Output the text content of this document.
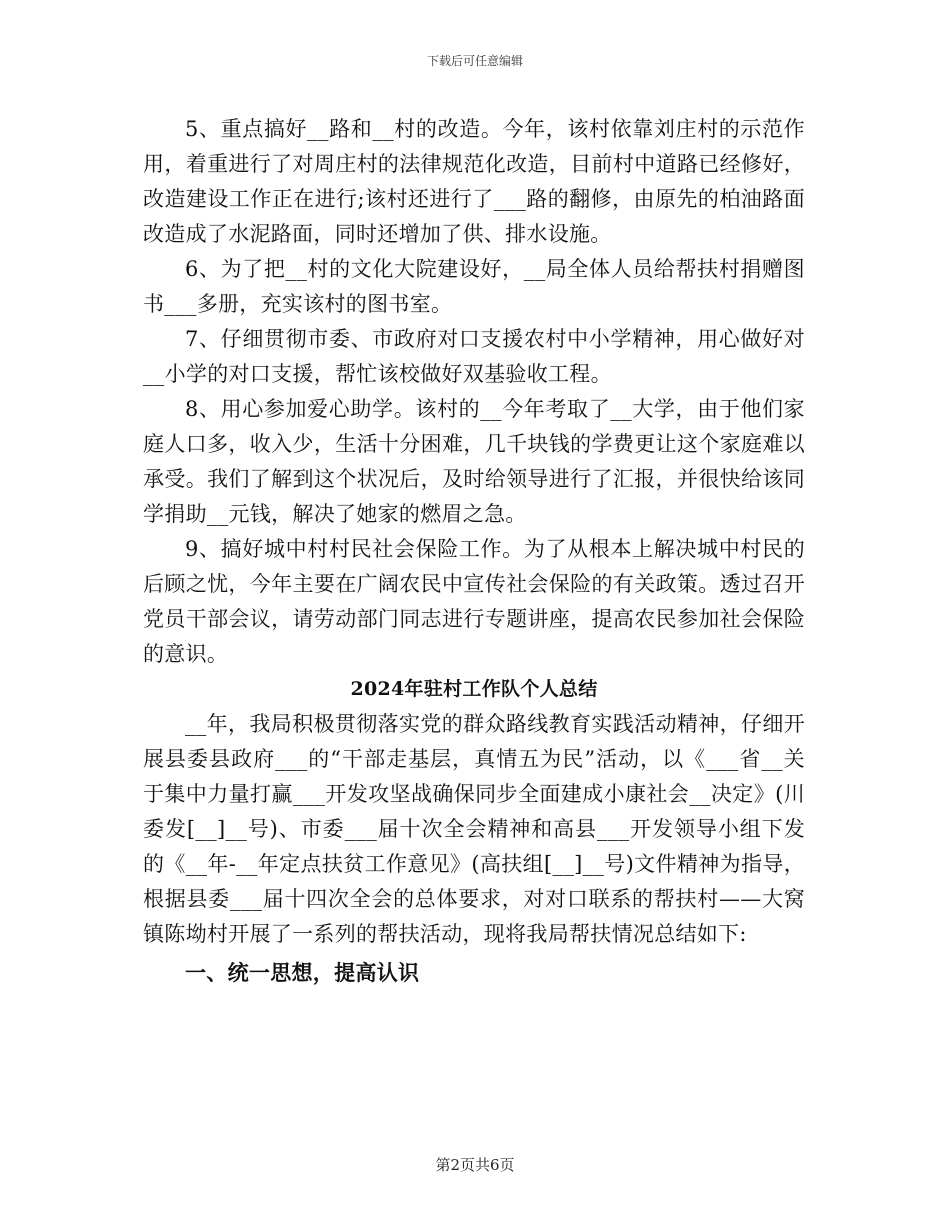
下载后可任意编辑

5、重点搞好__路和__村的改造。今年，该村依靠刘庄村的示范作用，着重进行了对周庄村的法律规范化改造，目前村中道路已经修好，改造建设工作正在进行;该村还进行了___路的翻修，由原先的柏油路面改造成了水泥路面，同时还增加了供、排水设施。

6、为了把__村的文化大院建设好，__局全体人员给帮扶村捐赠图书___多册，充实该村的图书室。

7、仔细贯彻市委、市政府对口支援农村中小学精神，用心做好对__小学的对口支援，帮忙该校做好双基验收工程。

8、用心参加爱心助学。该村的__今年考取了__大学，由于他们家庭人口多，收入少，生活十分困难，几千块钱的学费更让这个家庭难以承受。我们了解到这个状况后，及时给领导进行了汇报，并很快给该同学捐助__元钱，解决了她家的燃眉之急。

9、搞好城中村村民社会保险工作。为了从根本上解决城中村民的后顾之忧，今年主要在广阔农民中宣传社会保险的有关政策。透过召开党员干部会议，请劳动部门同志进行专题讲座，提高农民参加社会保险的意识。

2024年驻村工作队个人总结

__年，我局积极贯彻落实党的群众路线教育实践活动精神，仔细开展县委县政府___的“干部走基层，真情五为民”活动，以《___省__关于集中力量打赢___开发攻坚战确保同步全面建成小康社会__决定》(川委发[__]__号)、市委___届十次全会精神和高县___开发领导小组下发的《__年-__年定点扶贫工作意见》(高扶组[__]__号)文件精神为指导，根据县委___届十四次全会的总体要求，对对口联系的帮扶村——大窝镇陈坳村开展了一系列的帮扶活动，现将我局帮扶情况总结如下:

一、统一思想，提高认识

第2页共6页
